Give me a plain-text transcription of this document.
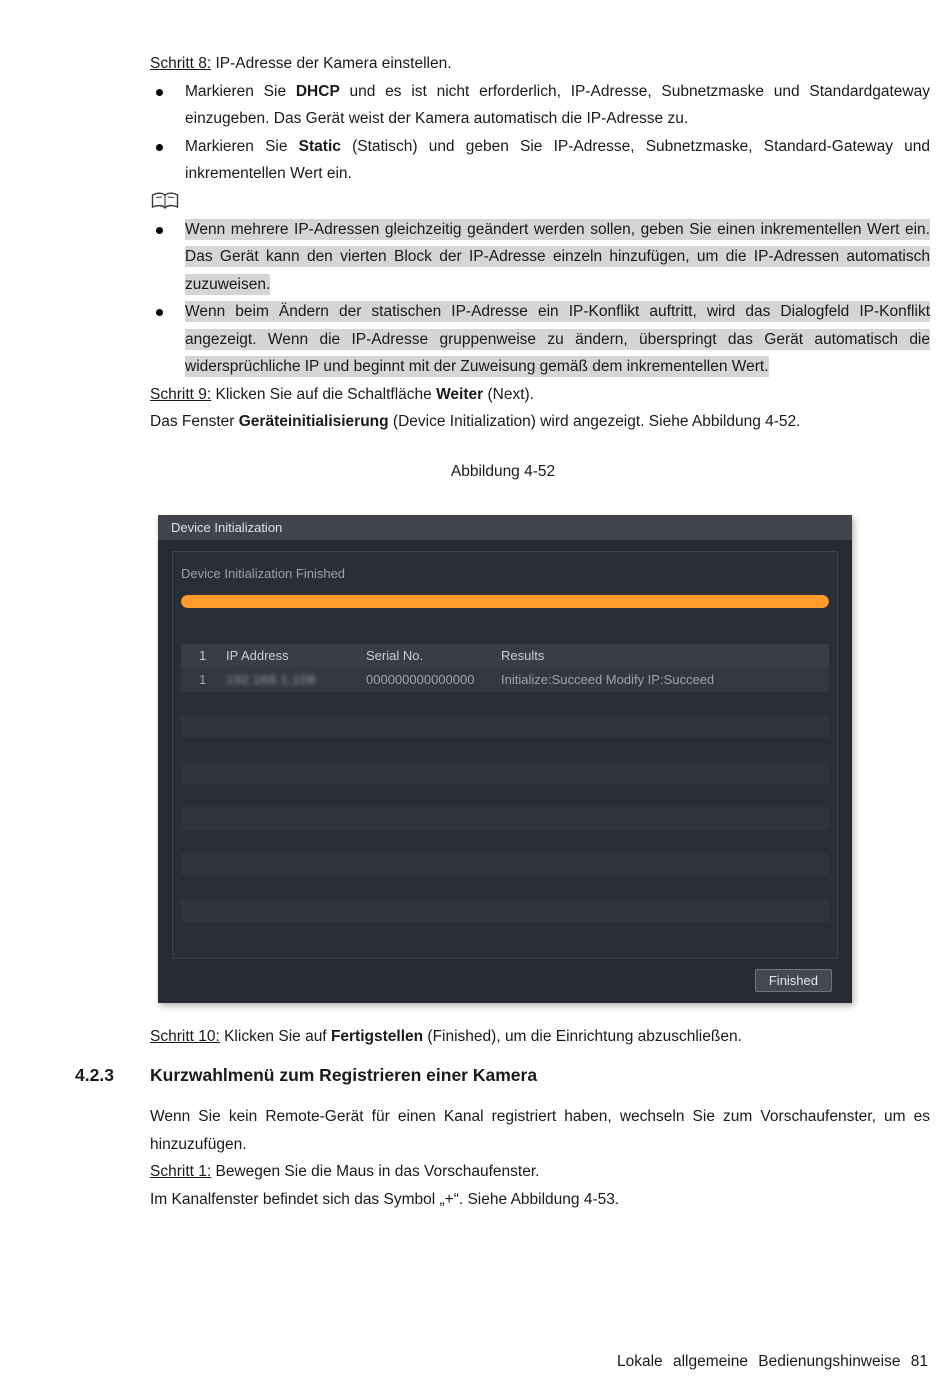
Schritt 8: IP-Adresse der Kamera einstellen.

Markieren Sie DHCP und es ist nicht erforderlich, IP-Adresse, Subnetzmaske und Standardgateway einzugeben. Das Gerät weist der Kamera automatisch die IP-Adresse zu.
Markieren Sie Static (Statisch) und geben Sie IP-Adresse, Subnetzmaske, Standard-Gateway und inkrementellen Wert ein.
Wenn mehrere IP-Adressen gleichzeitig geändert werden sollen, geben Sie einen inkrementellen Wert ein. Das Gerät kann den vierten Block der IP-Adresse einzeln hinzufügen, um die IP-Adressen automatisch zuzuweisen.
Wenn beim Ändern der statischen IP-Adresse ein IP-Konflikt auftritt, wird das Dialogfeld IP-Konflikt angezeigt. Wenn die IP-Adresse gruppenweise zu ändern, überspringt das Gerät automatisch die widersprüchliche IP und beginnt mit der Zuweisung gemäß dem inkrementellen Wert.

Schritt 9: Klicken Sie auf die Schaltfläche Weiter (Next).

Das Fenster Geräteinitialisierung (Device Initialization) wird angezeigt. Siehe Abbildung 4-52.

Abbildung 4-52
Device Initialization
Device Initialization Finished
1	IP Address	Serial No.	Results
1	192.168.1.108	000000000000000	Initialize:Succeed Modify IP:Succeed
Finished

Schritt 10: Klicken Sie auf Fertigstellen (Finished), um die Einrichtung abzuschließen.

4.2.3 Kurzwahlmenü zum Registrieren einer Kamera

Wenn Sie kein Remote-Gerät für einen Kanal registriert haben, wechseln Sie zum Vorschaufenster, um es hinzuzufügen.

Schritt 1: Bewegen Sie die Maus in das Vorschaufenster.

Im Kanalfenster befindet sich das Symbol „+“. Siehe Abbildung 4-53.

Lokale allgemeine Bedienungshinweise 81
